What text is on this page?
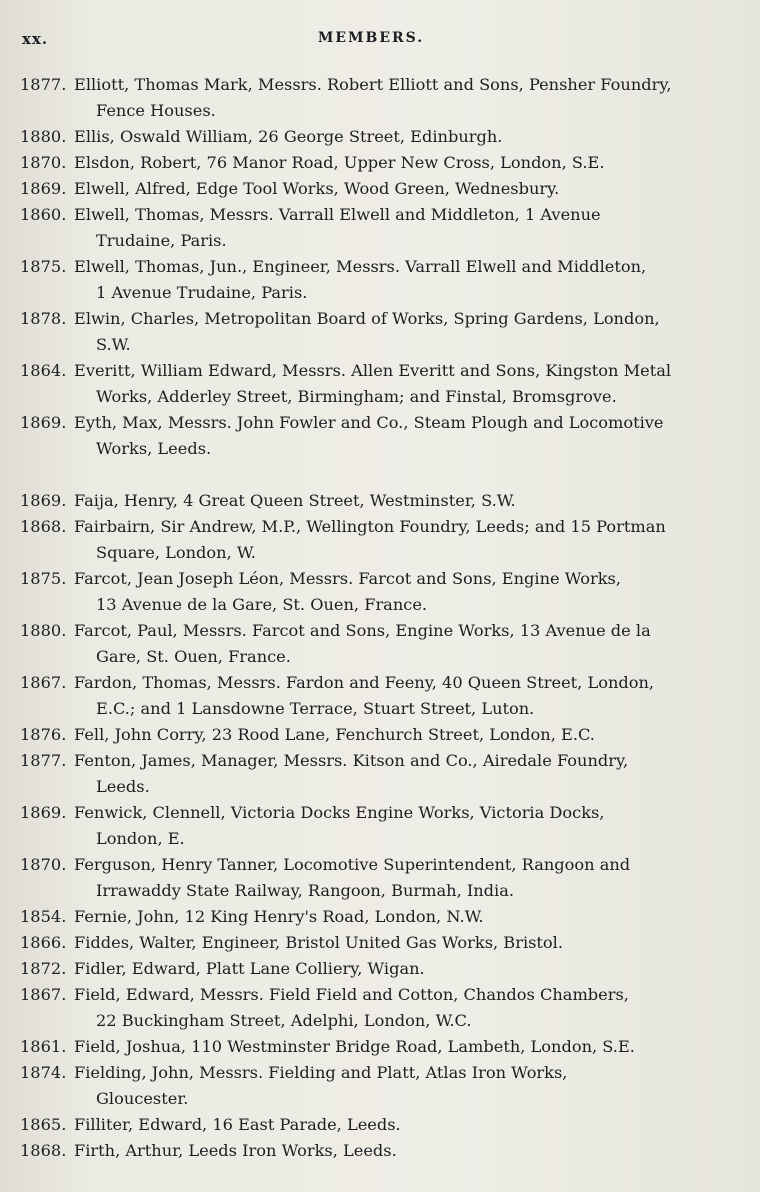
xx.	MEMBERS.
1877. Elliott, Thomas Mark, Messrs. Robert Elliott and Sons, Pensher Foundry,
Fence Houses.
1880. Ellis, Oswald William, 26 George Street, Edinburgh.
1870. Elsdon, Robert, 76 Manor Road, Upper New Cross, London, S.E.
1869. Elwell, Alfred, Edge Tool Works, Wood Green, Wednesbury.
1860. Elwell, Thomas, Messrs. Varrall Elwell and Middleton, 1 Avenue
Trudaine, Paris.
1875. Elwell, Thomas, Jun., Engineer, Messrs. Varrall Elwell and Middleton,
1 Avenue Trudaine, Paris.
1878. Elwin, Charles, Metropolitan Board of Works, Spring Gardens, London,
S.W.
1864. Everitt, William Edward, Messrs. Allen Everitt and Sons, Kingston Metal
Works, Adderley Street, Birmingham; and Finstal, Bromsgrove.
1869. Eyth, Max, Messrs. John Fowler and Co., Steam Plough and Locomotive
Works, Leeds.
1869. Faija, Henry, 4 Great Queen Street, Westminster, S.W.
1868. Fairbairn, Sir Andrew, M.P., Wellington Foundry, Leeds; and 15 Portman
Square, London, W.
1875. Farcot, Jean Joseph Léon, Messrs. Farcot and Sons, Engine Works,
13 Avenue de la Gare, St. Ouen, France.
1880. Farcot, Paul, Messrs. Farcot and Sons, Engine Works, 13 Avenue de la
Gare, St. Ouen, France.
1867. Fardon, Thomas, Messrs. Fardon and Feeny, 40 Queen Street, London,
E.C.; and 1 Lansdowne Terrace, Stuart Street, Luton.
1876. Fell, John Corry, 23 Rood Lane, Fenchurch Street, London, E.C.
1877. Fenton, James, Manager, Messrs. Kitson and Co., Airedale Foundry,
Leeds.
1869. Fenwick, Clennell, Victoria Docks Engine Works, Victoria Docks,
London, E.
1870. Ferguson, Henry Tanner, Locomotive Superintendent, Rangoon and
Irrawaddy State Railway, Rangoon, Burmah, India.
1854. Fernie, John, 12 King Henry's Road, London, N.W.
1866. Fiddes, Walter, Engineer, Bristol United Gas Works, Bristol.
1872. Fidler, Edward, Platt Lane Colliery, Wigan.
1867. Field, Edward, Messrs. Field Field and Cotton, Chandos Chambers,
22 Buckingham Street, Adelphi, London, W.C.
1861. Field, Joshua, 110 Westminster Bridge Road, Lambeth, London, S.E.
1874. Fielding, John, Messrs. Fielding and Platt, Atlas Iron Works,
Gloucester.
1865. Filliter, Edward, 16 East Parade, Leeds.
1868. Firth, Arthur, Leeds Iron Works, Leeds.
